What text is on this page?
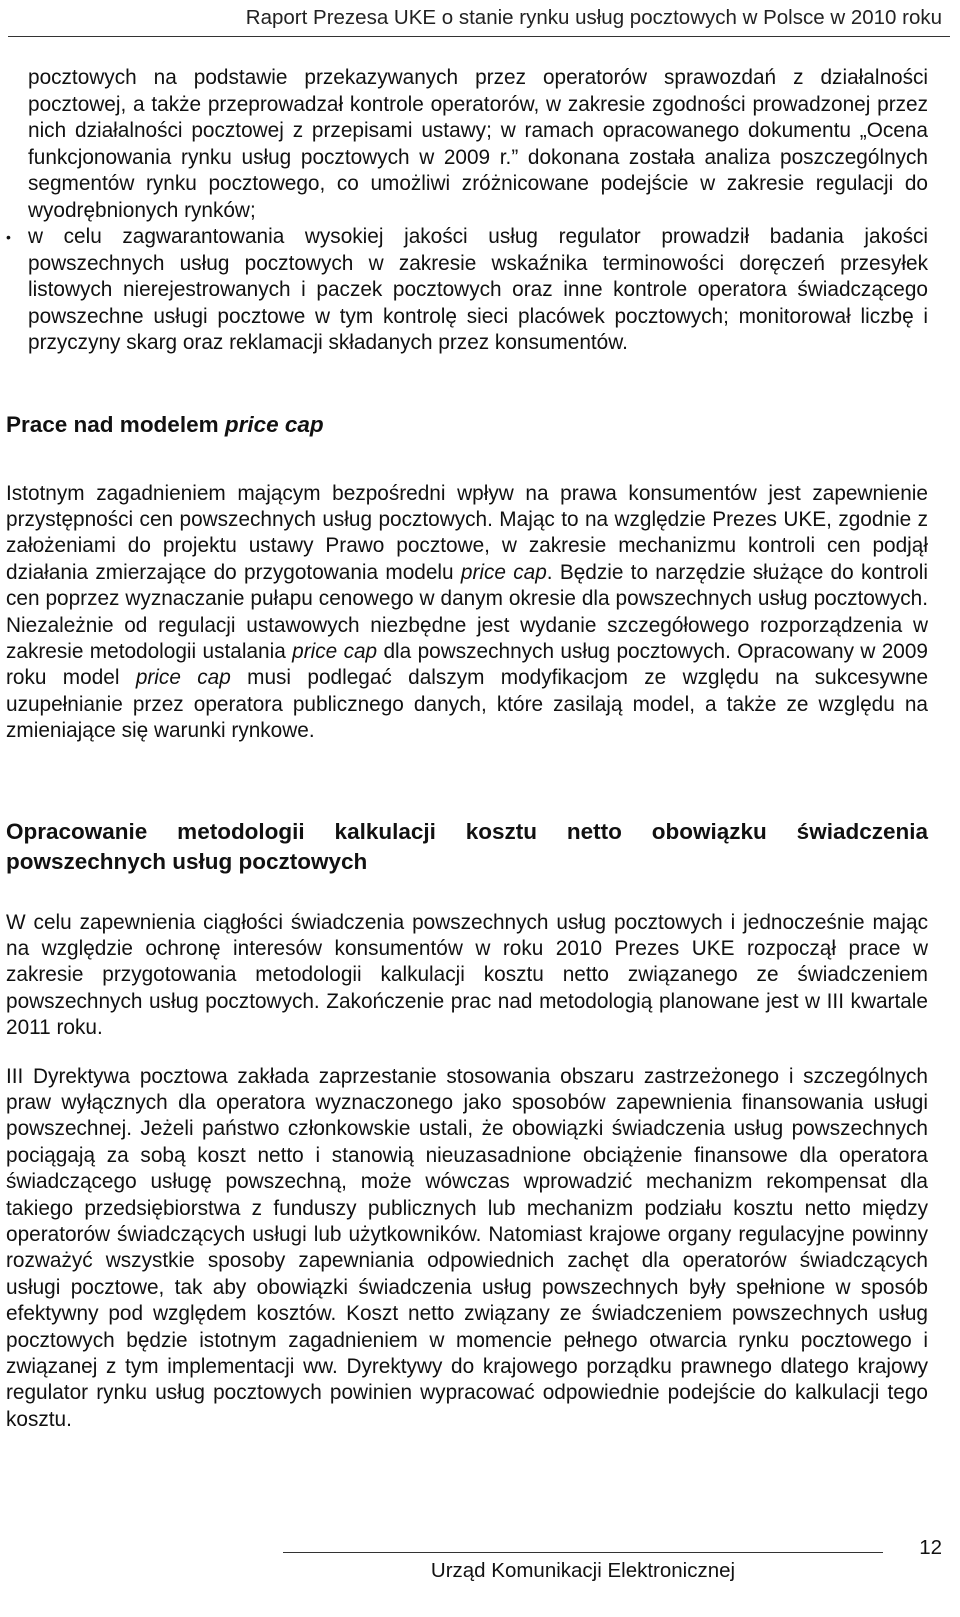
Raport Prezesa UKE o stanie rynku usług pocztowych w Polsce w 2010 roku

pocztowych na podstawie przekazywanych przez operatorów sprawozdań z działalności pocztowej, a także przeprowadzał kontrole operatorów, w zakresie zgodności prowadzonej przez nich działalności pocztowej z przepisami ustawy; w ramach opracowanego dokumentu „Ocena funkcjonowania rynku usług pocztowych w 2009 r.” dokonana została analiza poszczególnych segmentów rynku pocztowego, co umożliwi zróżnicowane podejście w zakresie regulacji do wyodrębnionych rynków;

• w celu zagwarantowania wysokiej jakości usług regulator prowadził badania jakości powszechnych usług pocztowych w zakresie wskaźnika terminowości doręczeń przesyłek listowych nierejestrowanych i paczek pocztowych oraz inne kontrole operatora świadczącego powszechne usługi pocztowe w tym kontrolę sieci placówek pocztowych; monitorował liczbę i przyczyny skarg oraz reklamacji składanych przez konsumentów.

Prace nad modelem price cap

Istotnym zagadnieniem mającym bezpośredni wpływ na prawa konsumentów jest zapewnienie przystępności cen powszechnych usług pocztowych. Mając to na względzie Prezes UKE, zgodnie z założeniami do projektu ustawy Prawo pocztowe, w zakresie mechanizmu kontroli cen podjął działania zmierzające do przygotowania modelu price cap. Będzie to narzędzie służące do kontroli cen poprzez wyznaczanie pułapu cenowego w danym okresie dla powszechnych usług pocztowych. Niezależnie od regulacji ustawowych niezbędne jest wydanie szczegółowego rozporządzenia w zakresie metodologii ustalania price cap dla powszechnych usług pocztowych. Opracowany w 2009 roku model price cap musi podlegać dalszym modyfikacjom ze względu na sukcesywne uzupełnianie przez operatora publicznego danych, które zasilają model, a także ze względu na zmieniające się warunki rynkowe.

Opracowanie metodologii kalkulacji kosztu netto obowiązku świadczenia powszechnych usług pocztowych

W celu zapewnienia ciągłości świadczenia powszechnych usług pocztowych i jednocześnie mając na względzie ochronę interesów konsumentów w roku 2010 Prezes UKE rozpoczął prace w zakresie przygotowania metodologii kalkulacji kosztu netto związanego ze świadczeniem powszechnych usług pocztowych. Zakończenie prac nad metodologią planowane jest w III kwartale 2011 roku.

III Dyrektywa pocztowa zakłada zaprzestanie stosowania obszaru zastrzeżonego i szczególnych praw wyłącznych dla operatora wyznaczonego jako sposobów zapewnienia finansowania usługi powszechnej. Jeżeli państwo członkowskie ustali, że obowiązki świadczenia usług powszechnych pociągają za sobą koszt netto i stanowią nieuzasadnione obciążenie finansowe dla operatora świadczącego usługę powszechną, może wówczas wprowadzić mechanizm rekompensat dla takiego przedsiębiorstwa z funduszy publicznych lub mechanizm podziału kosztu netto między operatorów świadczących usługi lub użytkowników. Natomiast krajowe organy regulacyjne powinny rozważyć wszystkie sposoby zapewniania odpowiednich zachęt dla operatorów świadczących usługi pocztowe, tak aby obowiązki świadczenia usług powszechnych były spełnione w sposób efektywny pod względem kosztów. Koszt netto związany ze świadczeniem powszechnych usług pocztowych będzie istotnym zagadnieniem w momencie pełnego otwarcia rynku pocztowego i związanej z tym implementacji ww. Dyrektywy do krajowego porządku prawnego dlatego krajowy regulator rynku usług pocztowych powinien wypracować odpowiednie podejście do kalkulacji tego kosztu.

Urząd Komunikacji Elektronicznej
12
